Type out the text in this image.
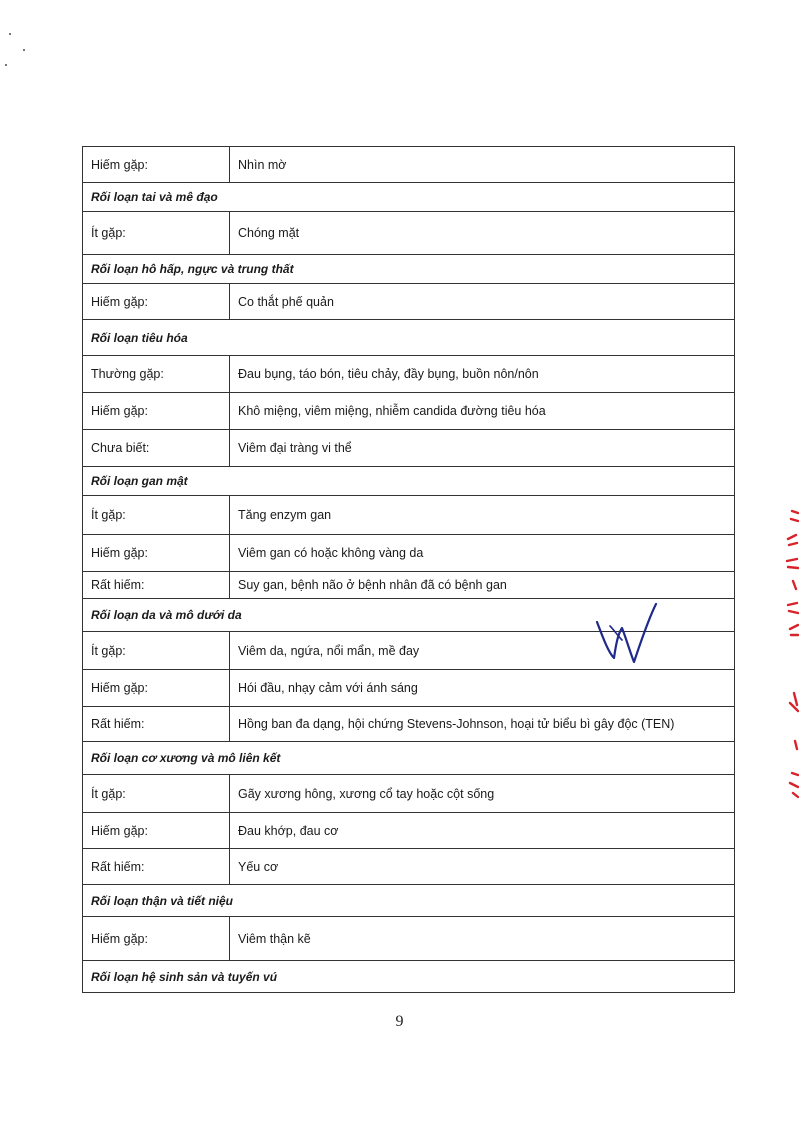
Hiếm gặp:	Nhìn mờ
Rối loạn tai và mê đạo	
Ít gặp:	Chóng mặt
Rối loạn hô hấp, ngực và trung thất	
Hiếm gặp:	Co thắt phế quản
Rối loạn tiêu hóa	
Thường gặp:	Đau bụng, táo bón, tiêu chảy, đầy bụng, buồn nôn/nôn
Hiếm gặp:	Khô miệng, viêm miệng, nhiễm candida đường tiêu hóa
Chưa biết:	Viêm đại tràng vi thể
Rối loạn gan mật	
Ít gặp:	Tăng enzym gan
Hiếm gặp:	Viêm gan có hoặc không vàng da
Rất hiếm:	Suy gan, bệnh não ở bệnh nhân đã có bệnh gan
Rối loạn da và mô dưới da	
Ít gặp:	Viêm da, ngứa, nổi mẩn, mề đay
Hiếm gặp:	Hói đầu, nhạy cảm với ánh sáng
Rất hiếm:	Hồng ban đa dạng, hội chứng Stevens-Johnson, hoại tử biểu bì gây độc (TEN)
Rối loạn cơ xương và mô liên kết	
Ít gặp:	Gãy xương hông, xương cổ tay hoặc cột sống
Hiếm gặp:	Đau khớp, đau cơ
Rất hiếm:	Yếu cơ
Rối loạn thận và tiết niệu	
Hiếm gặp:	Viêm thận kẽ
Rối loạn hệ sinh sản và tuyến vú	
9
